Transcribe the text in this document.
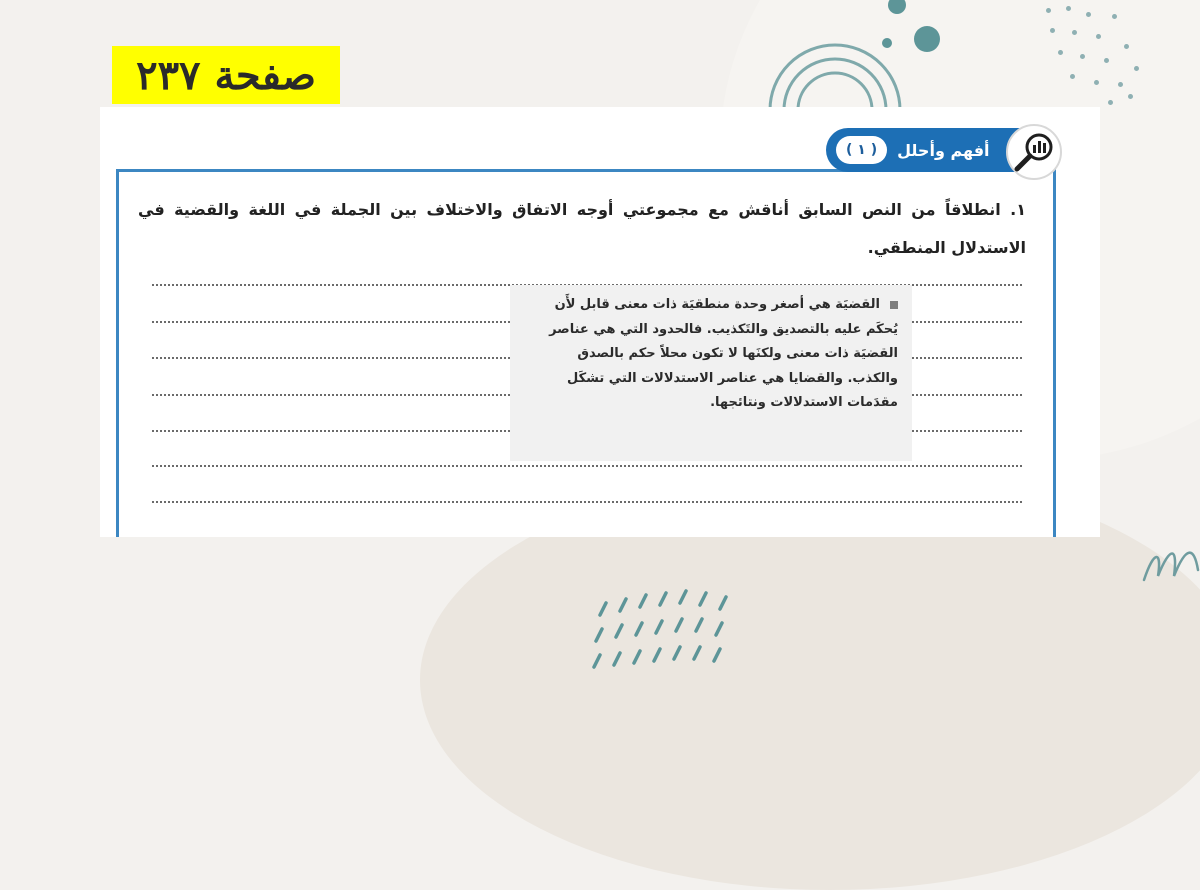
صفحة ٢٣٧
( ١ )	أفهم وأحلل
١. انطلاقاً من النص السابق أناقش مع مجموعتي أوجه الاتفاق والاختلاف بين الجملة في اللغة والقضية في الاستدلال المنطقي.
القضيَة هي أصغر وحدة منطقيَة ذات معنى قابل لأَن يُحكَم عليه بالتصديق والتَكذيب. فالحدود التي هي عناصر القضيَة ذات معنى ولكنَها لا تكون محلاً حكم بالصدق والكذب. والقضايا هي عناصر الاستدلالات التي تشكَل مقدَمات الاستدلالات ونتائجها.
